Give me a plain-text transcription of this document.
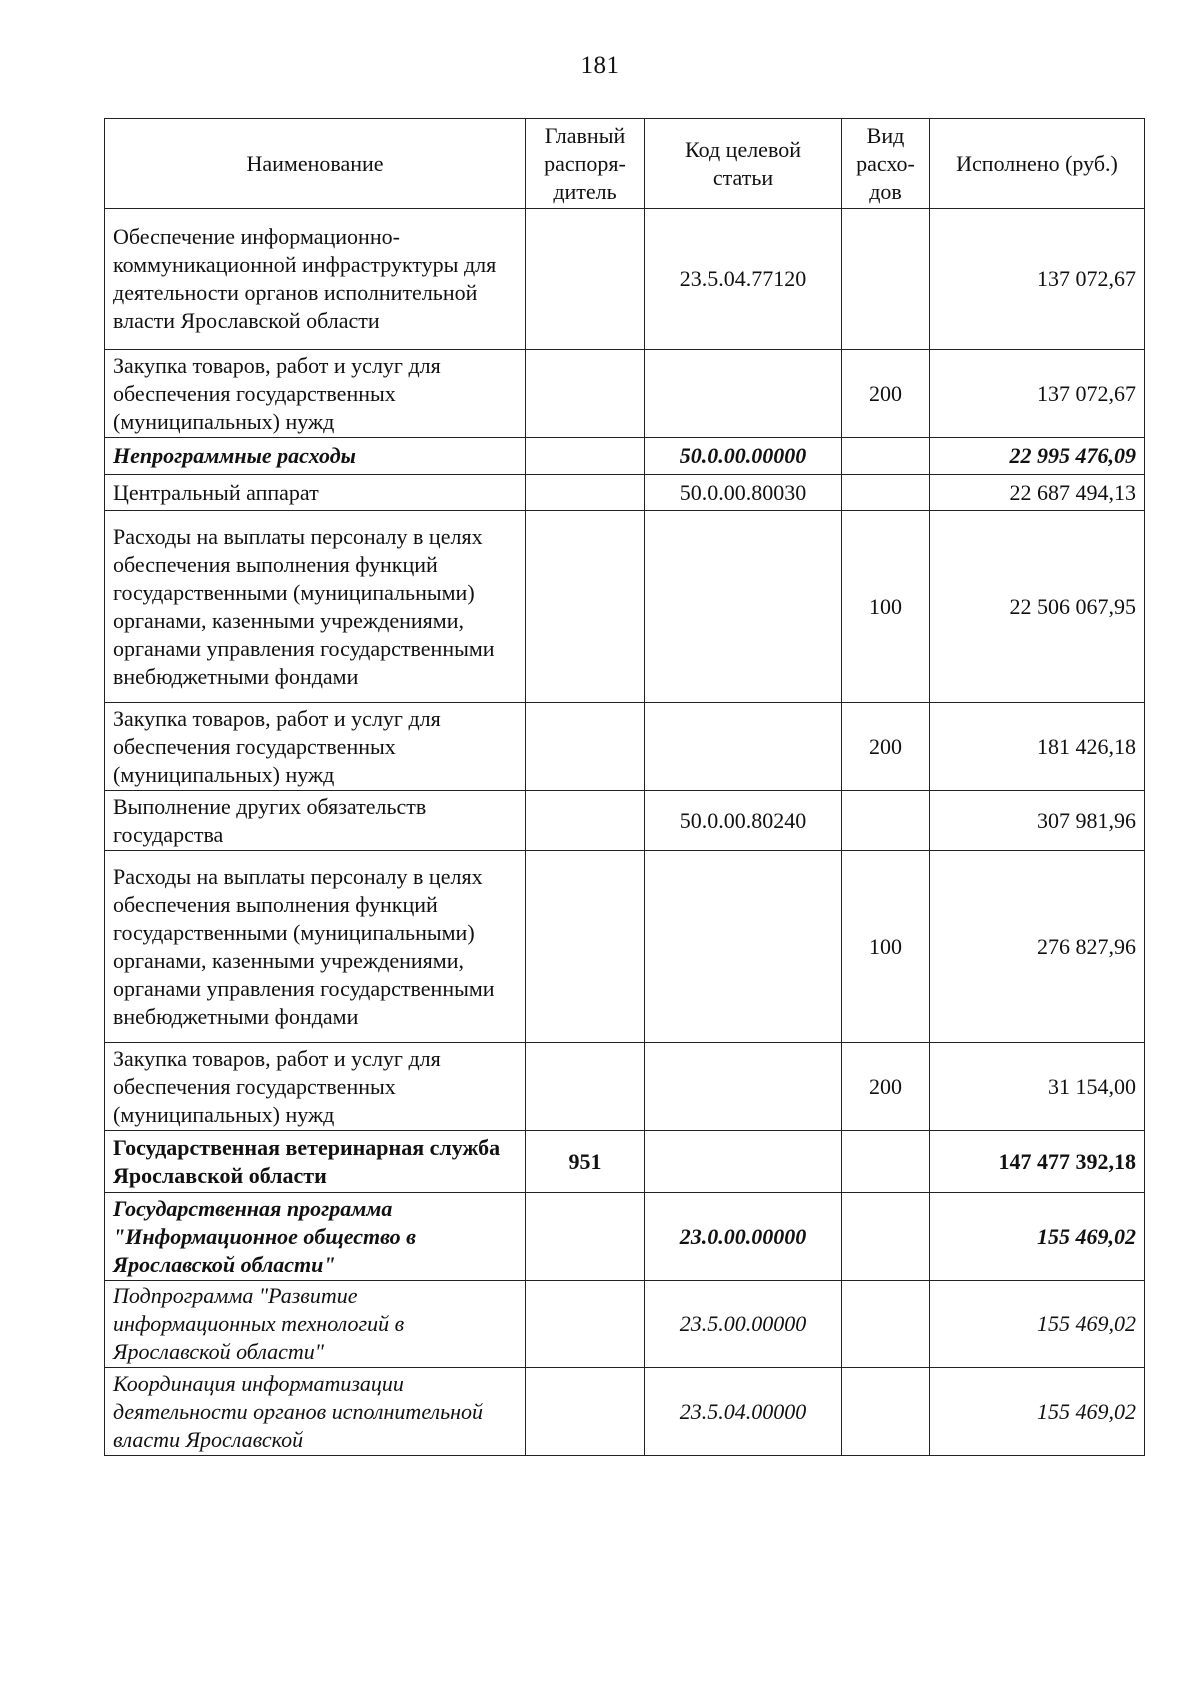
181
Наименование	Главный распоря-дитель	Код целевой статьи	Вид расхо-дов	Исполнено (руб.)
Обеспечение информационно-коммуникационной инфраструктуры для деятельности органов исполнительной власти Ярославской области		23.5.04.77120		137 072,67
Закупка товаров, работ и услуг для обеспечения государственных (муниципальных) нужд			200	137 072,67
Непрограммные расходы		50.0.00.00000		22 995 476,09
Центральный аппарат		50.0.00.80030		22 687 494,13
Расходы на выплаты персоналу в целях обеспечения выполнения функций государственными (муниципальными) органами, казенными учреждениями, органами управления государственными внебюджетными фондами			100	22 506 067,95
Закупка товаров, работ и услуг для обеспечения государственных (муниципальных) нужд			200	181 426,18
Выполнение других обязательств государства		50.0.00.80240		307 981,96
Расходы на выплаты персоналу в целях обеспечения выполнения функций государственными (муниципальными) органами, казенными учреждениями, органами управления государственными внебюджетными фондами			100	276 827,96
Закупка товаров, работ и услуг для обеспечения государственных (муниципальных) нужд			200	31 154,00
Государственная ветеринарная служба Ярославской области	951			147 477 392,18
Государственная программа "Информационное общество в Ярославской области"		23.0.00.00000		155 469,02
Подпрограмма "Развитие информационных технологий в Ярославской области"		23.5.00.00000		155 469,02
Координация информатизации деятельности органов исполнительной власти Ярославской		23.5.04.00000		155 469,02
